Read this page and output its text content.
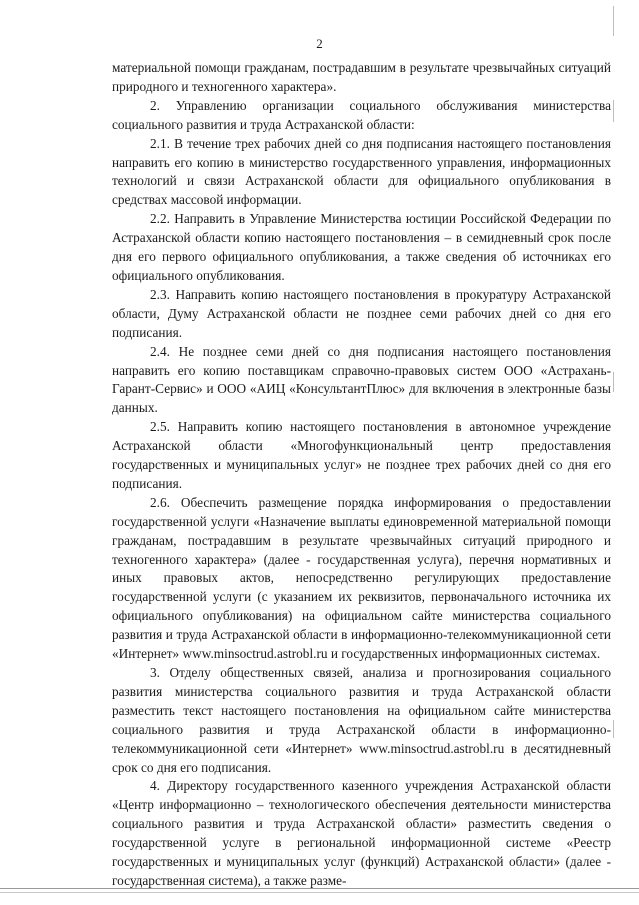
2

материальной помощи гражданам, пострадавшим в результате чрезвычайных ситуаций природного и техногенного характера».

2. Управлению организации социального обслуживания министерства социального развития и труда Астраханской области:

2.1. В течение трех рабочих дней со дня подписания настоящего постановления направить его копию в министерство государственного управления, информационных технологий и связи Астраханской области для официального опубликования в средствах массовой информации.

2.2. Направить в Управление Министерства юстиции Российской Федерации по Астраханской области копию настоящего постановления – в семидневный срок после дня его первого официального опубликования, а также сведения об источниках его официального опубликования.

2.3. Направить копию настоящего постановления в прокуратуру Астраханской области, Думу Астраханской области не позднее семи рабочих дней со дня его подписания.

2.4. Не позднее семи дней со дня подписания настоящего постановления направить его копию поставщикам справочно-правовых систем ООО «Астрахань-Гарант-Сервис» и ООО «АИЦ «КонсультантПлюс» для включения в электронные базы данных.

2.5. Направить копию настоящего постановления в автономное учреждение Астраханской области «Многофункциональный центр предоставления государственных и муниципальных услуг» не позднее трех рабочих дней со дня его подписания.

2.6. Обеспечить размещение порядка информирования о предоставлении государственной услуги «Назначение выплаты единовременной материальной помощи гражданам, пострадавшим в результате чрезвычайных ситуаций природного и техногенного характера» (далее - государственная услуга), перечня нормативных и иных правовых актов, непосредственно регулирующих предоставление государственной услуги (с указанием их реквизитов, первоначального источника их официального опубликования) на официальном сайте министерства социального развития и труда Астраханской области в информационно-телекоммуникационной сети «Интернет» www.minsoctrud.astrobl.ru и государственных информационных системах.

3. Отделу общественных связей, анализа и прогнозирования социального развития министерства социального развития и труда Астраханской области разместить текст настоящего постановления на официальном сайте министерства социального развития и труда Астраханской области в информационно-телекоммуникационной сети «Интернет» www.minsoctrud.astrobl.ru в десятидневный срок со дня его подписания.

4. Директору государственного казенного учреждения Астраханской области «Центр информационно – технологического обеспечения деятельности министерства социального развития и труда Астраханской области» разместить сведения о государственной услуге в региональной информационной системе «Реестр государственных и муниципальных услуг (функций) Астраханской области» (далее - государственная система), а также разме-
